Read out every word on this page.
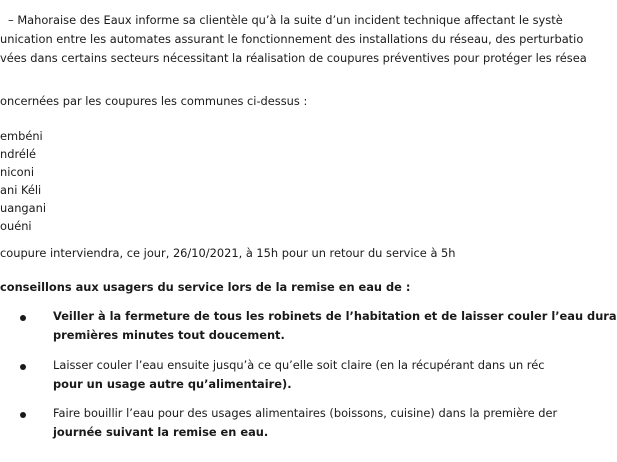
– Mahoraise des Eaux informe sa clientèle qu’à la suite d’un incident technique affectant le systè
unication entre les automates assurant le fonctionnement des installations du réseau, des perturbatio
vées dans certains secteurs nécessitant la réalisation de coupures préventives pour protéger les résea
oncernées par les coupures les communes ci-dessus :
embéni
ndrélé
niconi
ani Kéli
uangani
ouéni
coupure interviendra, ce jour, 26/10/2021, à 15h pour un retour du service à 5h
conseillons aux usagers du service lors de la remise en eau de :
Veiller à la fermeture de tous les robinets de l’habitation et de laisser couler l’eau dura
premières minutes tout doucement.
Laisser couler l’eau ensuite jusqu’à ce qu’elle soit claire (en la récupérant dans un réc
pour un usage autre qu’alimentaire).
Faire bouillir l’eau pour des usages alimentaires (boissons, cuisine) dans la première der
journée suivant la remise en eau.
